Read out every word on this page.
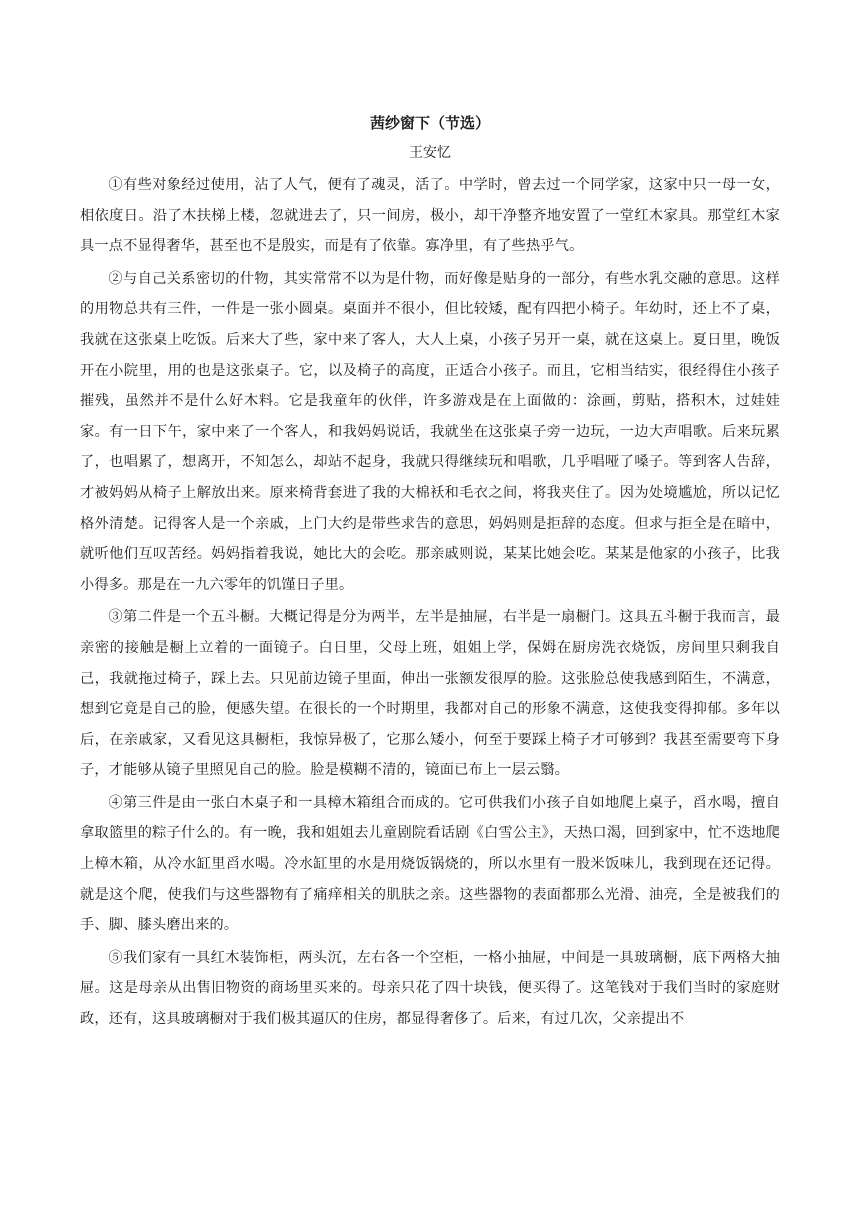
茜纱窗下（节选）

王安忆

①有些对象经过使用，沾了人气，便有了魂灵，活了。中学时，曾去过一个同学家，这家中只一母一女，相依度日。沿了木扶梯上楼，忽就进去了，只一间房，极小，却干净整齐地安置了一堂红木家具。那堂红木家具一点不显得奢华，甚至也不是殷实，而是有了依靠。寡净里，有了些热乎气。

②与自己关系密切的什物，其实常常不以为是什物，而好像是贴身的一部分，有些水乳交融的意思。这样的用物总共有三件，一件是一张小圆桌。桌面并不很小，但比较矮，配有四把小椅子。年幼时，还上不了桌，我就在这张桌上吃饭。后来大了些，家中来了客人，大人上桌，小孩子另开一桌，就在这桌上。夏日里，晚饭开在小院里，用的也是这张桌子。它，以及椅子的高度，正适合小孩子。而且，它相当结实，很经得住小孩子摧残，虽然并不是什么好木料。它是我童年的伙伴，许多游戏是在上面做的：涂画，剪贴，搭积木，过娃娃家。有一日下午，家中来了一个客人，和我妈妈说话，我就坐在这张桌子旁一边玩，一边大声唱歌。后来玩累了，也唱累了，想离开，不知怎么，却站不起身，我就只得继续玩和唱歌，几乎唱哑了嗓子。等到客人告辞，才被妈妈从椅子上解放出来。原来椅背套进了我的大棉袄和毛衣之间，将我夹住了。因为处境尴尬，所以记忆格外清楚。记得客人是一个亲戚，上门大约是带些求告的意思，妈妈则是拒辞的态度。但求与拒全是在暗中，就听他们互叹苦经。妈妈指着我说，她比大的会吃。那亲戚则说，某某比她会吃。某某是他家的小孩子，比我小得多。那是在一九六零年的饥馑日子里。

③第二件是一个五斗橱。大概记得是分为两半，左半是抽屉，右半是一扇橱门。这具五斗橱于我而言，最亲密的接触是橱上立着的一面镜子。白日里，父母上班，姐姐上学，保姆在厨房洗衣烧饭，房间里只剩我自己，我就拖过椅子，踩上去。只见前边镜子里面，伸出一张额发很厚的脸。这张脸总使我感到陌生，不满意，想到它竟是自己的脸，便感失望。在很长的一个时期里，我都对自己的形象不满意，这使我变得抑郁。多年以后，在亲戚家，又看见这具橱柜，我惊异极了，它那么矮小，何至于要踩上椅子才可够到？我甚至需要弯下身子，才能够从镜子里照见自己的脸。脸是模糊不清的，镜面已布上一层云翳。

④第三件是由一张白木桌子和一具樟木箱组合而成的。它可供我们小孩子自如地爬上桌子，舀水喝，擅自拿取篮里的粽子什么的。有一晚，我和姐姐去儿童剧院看话剧《白雪公主》，天热口渴，回到家中，忙不迭地爬上樟木箱，从冷水缸里舀水喝。冷水缸里的水是用烧饭锅烧的，所以水里有一股米饭味儿，我到现在还记得。就是这个爬，使我们与这些器物有了痛痒相关的肌肤之亲。这些器物的表面都那么光滑、油亮，全是被我们的手、脚、膝头磨出来的。

⑤我们家有一具红木装饰柜，两头沉，左右各一个空柜，一格小抽屉，中间是一具玻璃橱，底下两格大抽屉。这是母亲从出售旧物资的商场里买来的。母亲只花了四十块钱，便买得了。这笔钱对于我们当时的家庭财政，还有，这具玻璃橱对于我们极其逼仄的住房，都显得奢侈了。后来，有过几次，父亲提出不
